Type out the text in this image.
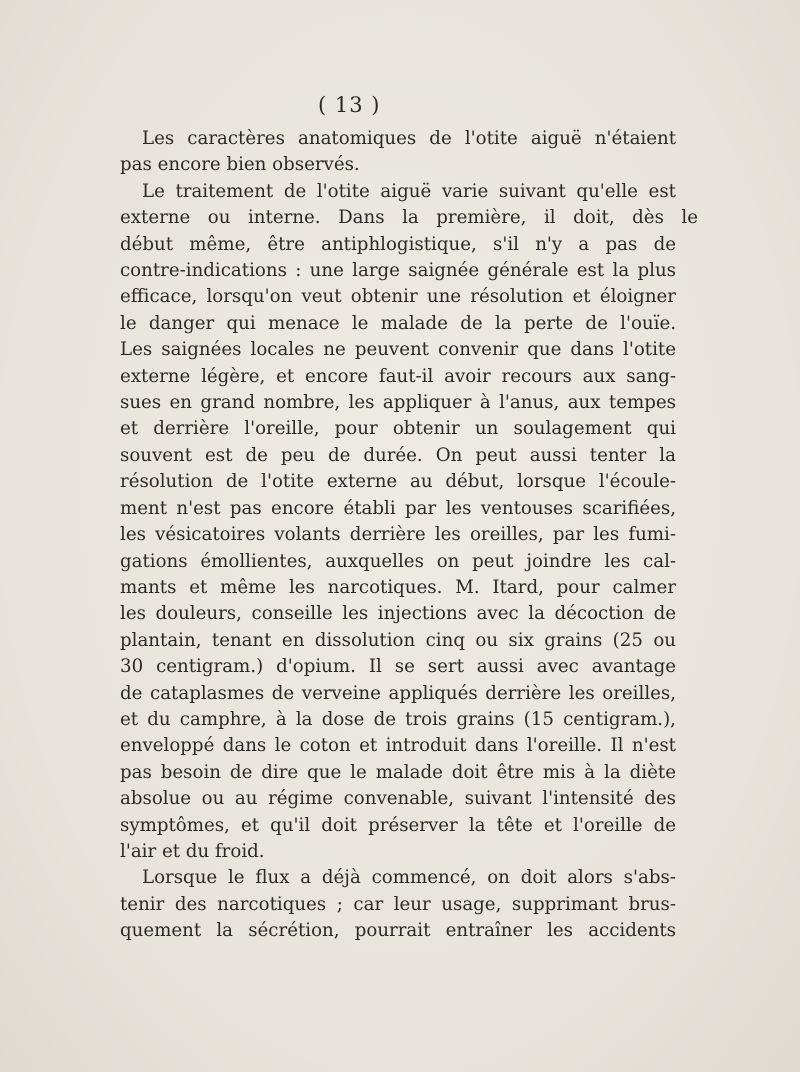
( 13 )

Les caractères anatomiques de l'otite aiguë n'étaient
pas encore bien observés.

Le traitement de l'otite aiguë varie suivant qu'elle est
externe ou interne. Dans la première, il doit, dès le
début même, être antiphlogistique, s'il n'y a pas de
contre-indications : une large saignée générale est la plus
efficace, lorsqu'on veut obtenir une résolution et éloigner
le danger qui menace le malade de la perte de l'ouïe.
Les saignées locales ne peuvent convenir que dans l'otite
externe légère, et encore faut-il avoir recours aux sang-
sues en grand nombre, les appliquer à l'anus, aux tempes
et derrière l'oreille, pour obtenir un soulagement qui
souvent est de peu de durée. On peut aussi tenter la
résolution de l'otite externe au début, lorsque l'écoule-
ment n'est pas encore établi par les ventouses scarifiées,
les vésicatoires volants derrière les oreilles, par les fumi-
gations émollientes, auxquelles on peut joindre les cal-
mants et même les narcotiques. M. Itard, pour calmer
les douleurs, conseille les injections avec la décoction de
plantain, tenant en dissolution cinq ou six grains (25 ou
30 centigram.) d'opium. Il se sert aussi avec avantage
de cataplasmes de verveine appliqués derrière les oreilles,
et du camphre, à la dose de trois grains (15 centigram.),
enveloppé dans le coton et introduit dans l'oreille. Il n'est
pas besoin de dire que le malade doit être mis à la diète
absolue ou au régime convenable, suivant l'intensité des
symptômes, et qu'il doit préserver la tête et l'oreille de
l'air et du froid.

Lorsque le flux a déjà commencé, on doit alors s'abs-
tenir des narcotiques ; car leur usage, supprimant brus-
quement la sécrétion, pourrait entraîner les accidents
